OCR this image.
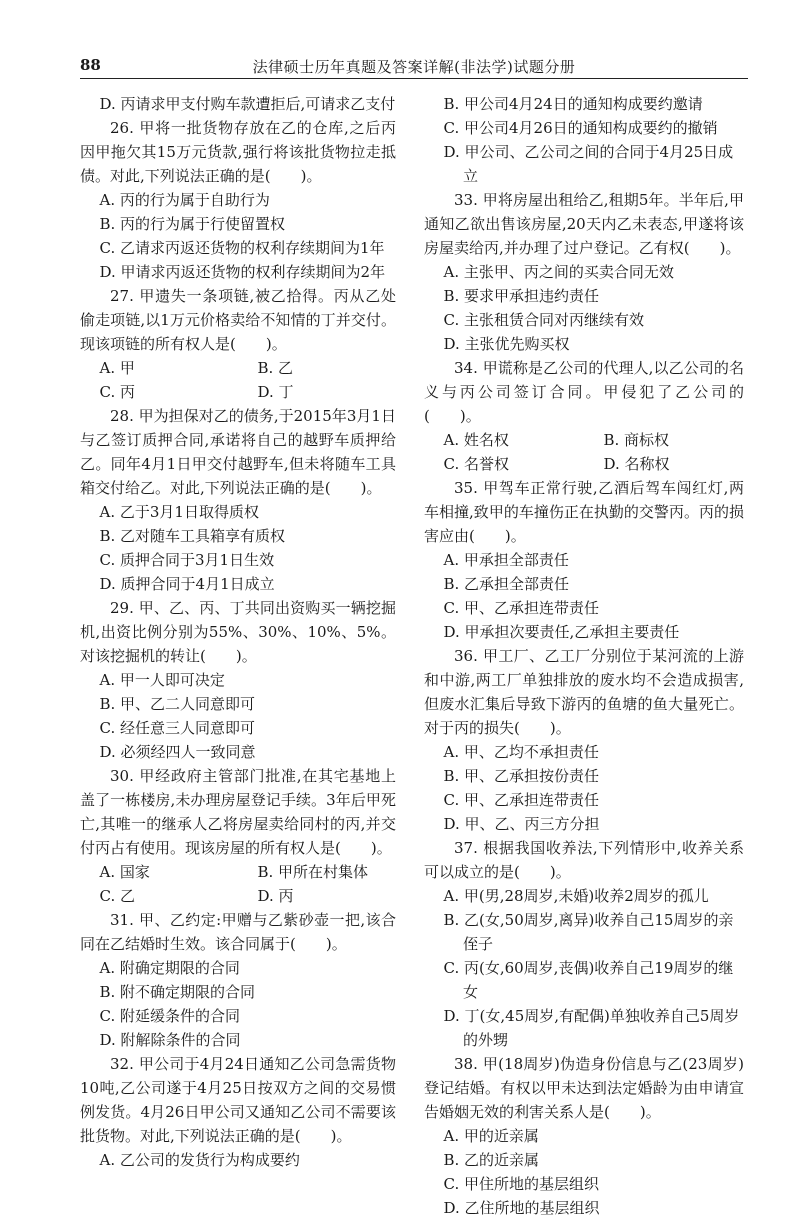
88	法律硕士历年真题及答案详解(非法学)试题分册

D. 丙请求甲支付购车款遭拒后,可请求乙支付

26. 甲将一批货物存放在乙的仓库,之后丙因甲拖欠其15万元货款,强行将该批货物拉走抵债。对此,下列说法正确的是(　　)。

A. 丙的行为属于自助行为

B. 丙的行为属于行使留置权

C. 乙请求丙返还货物的权利存续期间为1年

D. 甲请求丙返还货物的权利存续期间为2年

27. 甲遗失一条项链,被乙拾得。丙从乙处偷走项链,以1万元价格卖给不知情的丁并交付。现该项链的所有权人是(　　)。

A. 甲	B. 乙

C. 丙	D. 丁

28. 甲为担保对乙的债务,于2015年3月1日与乙签订质押合同,承诺将自己的越野车质押给乙。同年4月1日甲交付越野车,但未将随车工具箱交付给乙。对此,下列说法正确的是(　　)。

A. 乙于3月1日取得质权

B. 乙对随车工具箱享有质权

C. 质押合同于3月1日生效

D. 质押合同于4月1日成立

29. 甲、乙、丙、丁共同出资购买一辆挖掘机,出资比例分别为55%、30%、10%、5%。对该挖掘机的转让(　　)。

A. 甲一人即可决定

B. 甲、乙二人同意即可

C. 经任意三人同意即可

D. 必须经四人一致同意

30. 甲经政府主管部门批准,在其宅基地上盖了一栋楼房,未办理房屋登记手续。3年后甲死亡,其唯一的继承人乙将房屋卖给同村的丙,并交付丙占有使用。现该房屋的所有权人是(　　)。

A. 国家	B. 甲所在村集体

C. 乙	D. 丙

31. 甲、乙约定:甲赠与乙紫砂壶一把,该合同在乙结婚时生效。该合同属于(　　)。

A. 附确定期限的合同

B. 附不确定期限的合同

C. 附延缓条件的合同

D. 附解除条件的合同

32. 甲公司于4月24日通知乙公司急需货物10吨,乙公司遂于4月25日按双方之间的交易惯例发货。4月26日甲公司又通知乙公司不需要该批货物。对此,下列说法正确的是(　　)。

A. 乙公司的发货行为构成要约

B. 甲公司4月24日的通知构成要约邀请

C. 甲公司4月26日的通知构成要约的撤销

D. 甲公司、乙公司之间的合同于4月25日成立

33. 甲将房屋出租给乙,租期5年。半年后,甲通知乙欲出售该房屋,20天内乙未表态,甲遂将该房屋卖给丙,并办理了过户登记。乙有权(　　)。

A. 主张甲、丙之间的买卖合同无效

B. 要求甲承担违约责任

C. 主张租赁合同对丙继续有效

D. 主张优先购买权

34. 甲谎称是乙公司的代理人,以乙公司的名义与丙公司签订合同。甲侵犯了乙公司的(　　)。

A. 姓名权	B. 商标权

C. 名誉权	D. 名称权

35. 甲驾车正常行驶,乙酒后驾车闯红灯,两车相撞,致甲的车撞伤正在执勤的交警丙。丙的损害应由(　　)。

A. 甲承担全部责任

B. 乙承担全部责任

C. 甲、乙承担连带责任

D. 甲承担次要责任,乙承担主要责任

36. 甲工厂、乙工厂分别位于某河流的上游和中游,两工厂单独排放的废水均不会造成损害,但废水汇集后导致下游丙的鱼塘的鱼大量死亡。对于丙的损失(　　)。

A. 甲、乙均不承担责任

B. 甲、乙承担按份责任

C. 甲、乙承担连带责任

D. 甲、乙、丙三方分担

37. 根据我国收养法,下列情形中,收养关系可以成立的是(　　)。

A. 甲(男,28周岁,未婚)收养2周岁的孤儿

B. 乙(女,50周岁,离异)收养自己15周岁的亲侄子

C. 丙(女,60周岁,丧偶)收养自己19周岁的继女

D. 丁(女,45周岁,有配偶)单独收养自己5周岁的外甥

38. 甲(18周岁)伪造身份信息与乙(23周岁)登记结婚。有权以甲未达到法定婚龄为由申请宣告婚姻无效的利害关系人是(　　)。

A. 甲的近亲属

B. 乙的近亲属

C. 甲住所地的基层组织

D. 乙住所地的基层组织
